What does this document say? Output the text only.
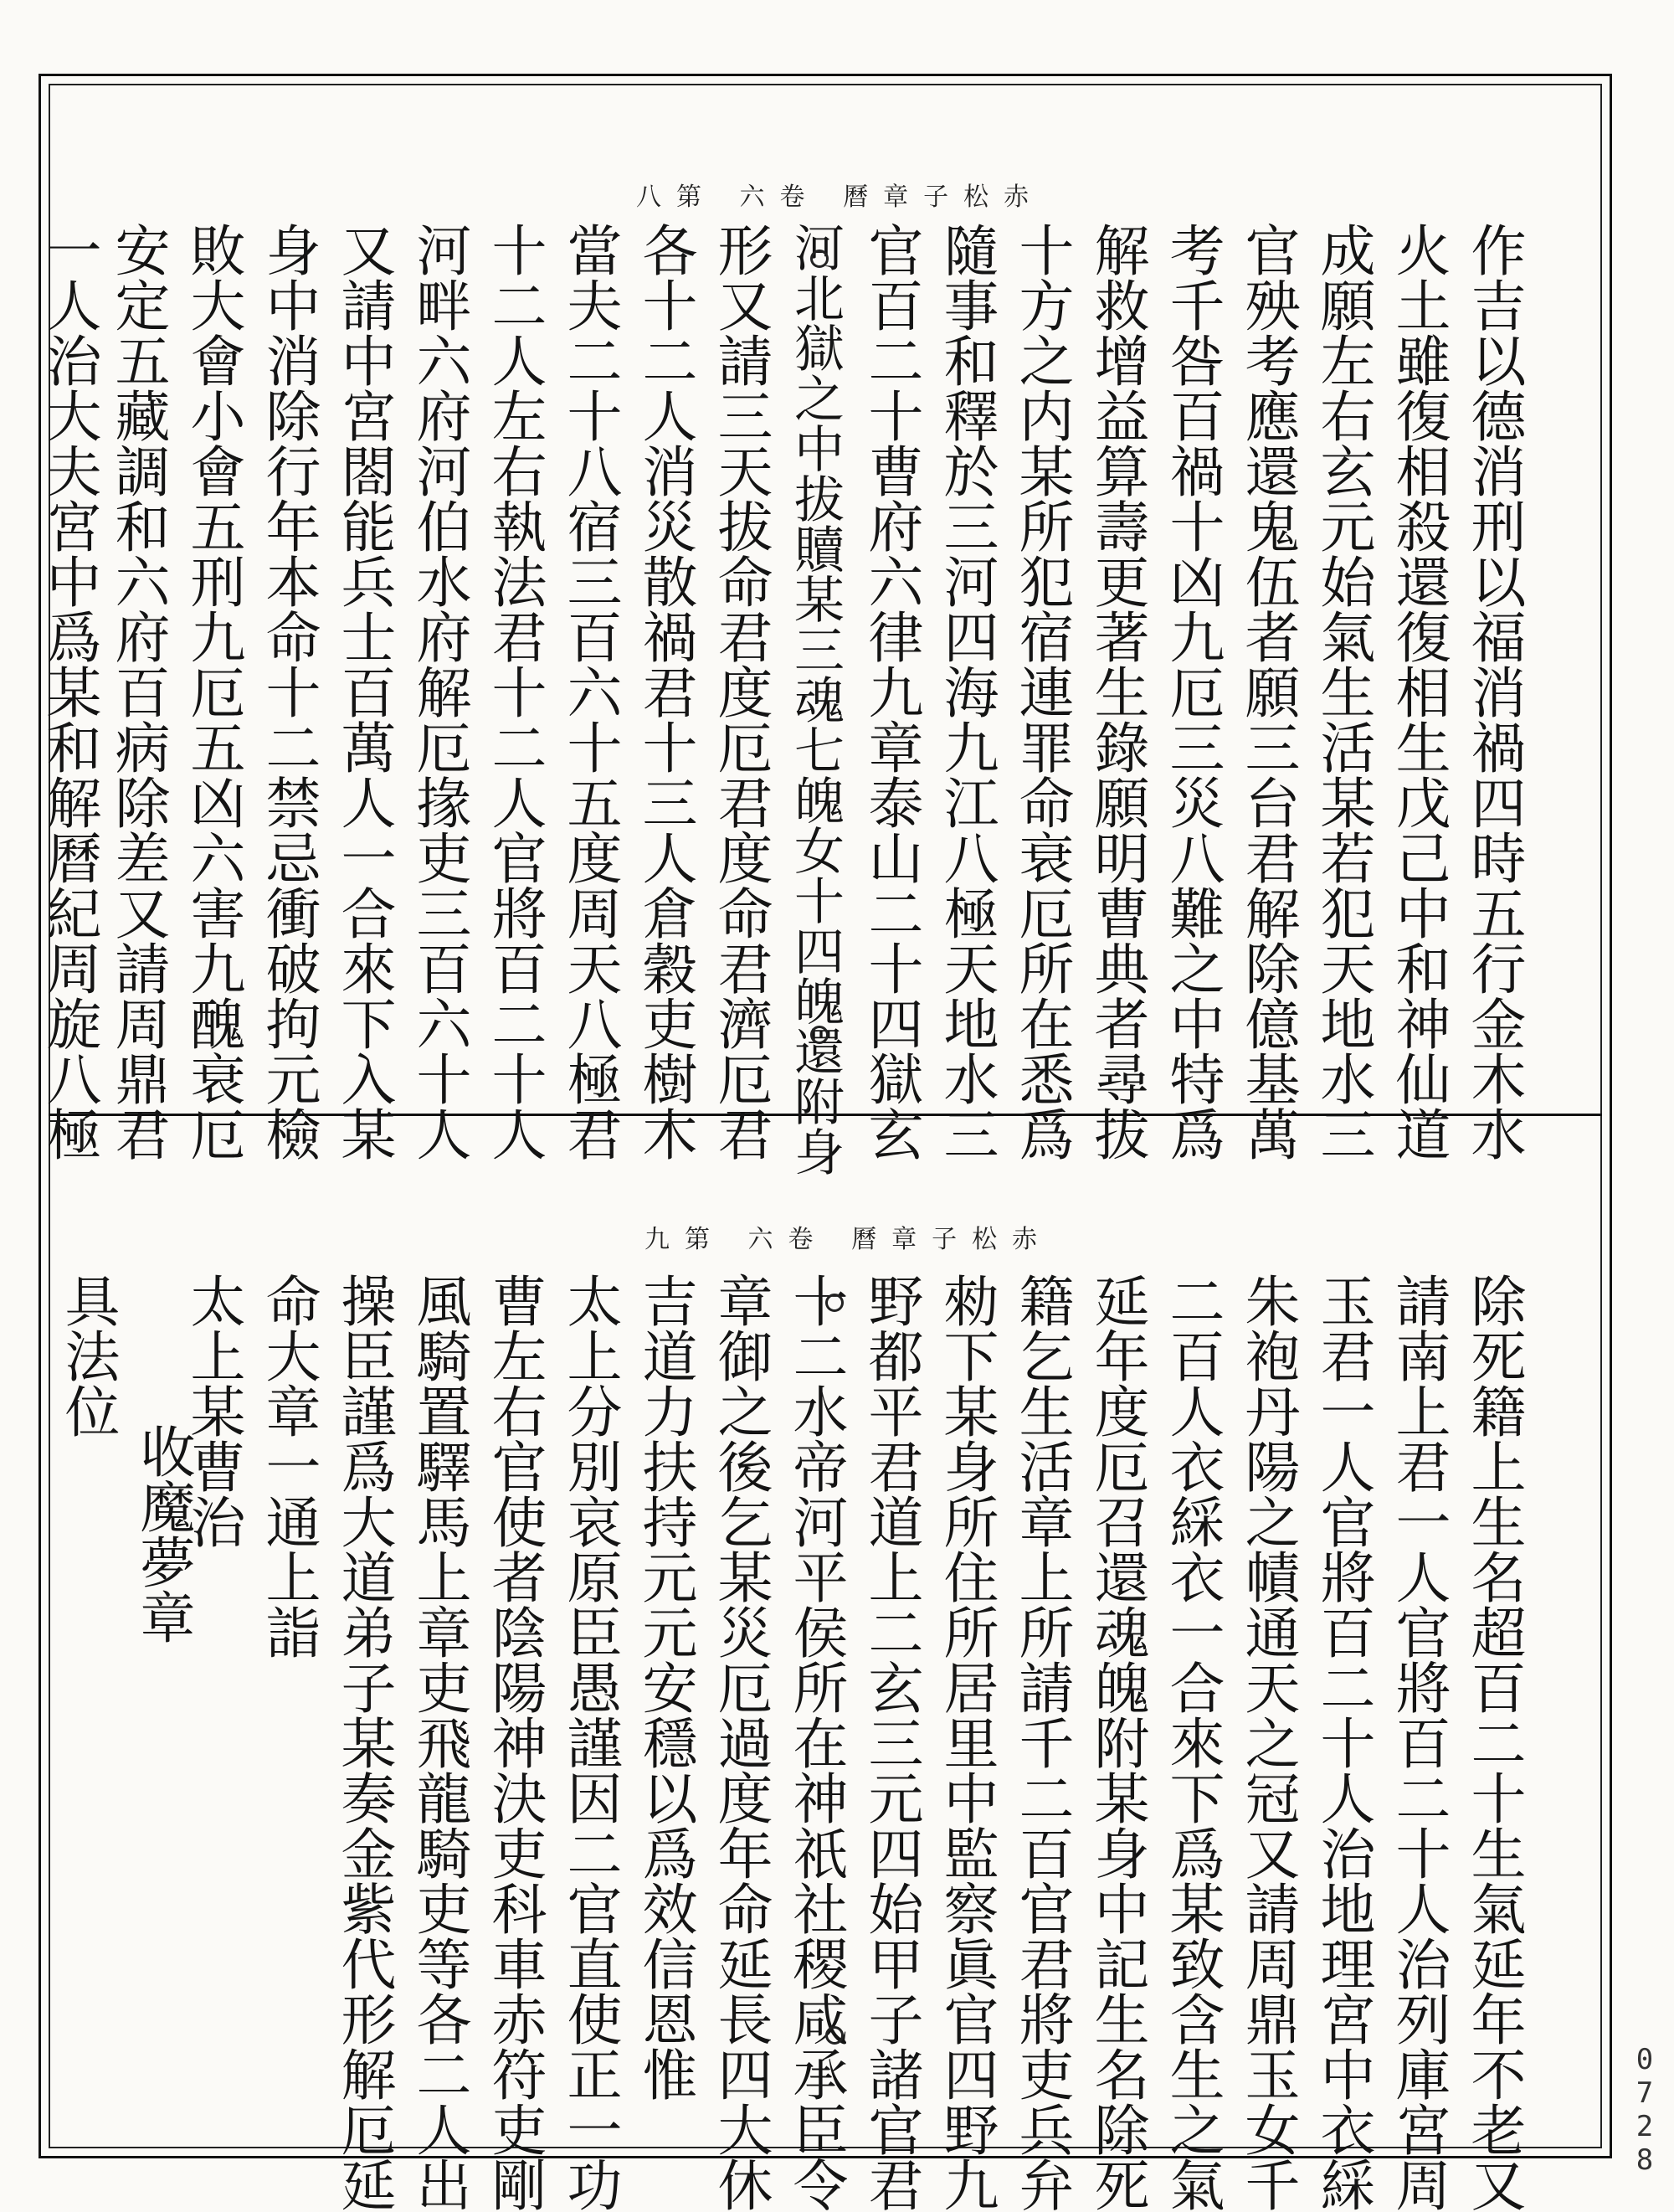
赤松子章曆 卷六 第八
作吉以德消刑以福消禍四時五行金木水
火土雖復相殺還復相生戊己中和神仙道
成願左右玄元始氣生活某若犯天地水三
官殃考應還鬼伍者願三台君解除億基萬
考千咎百禍十凶九厄三災八難之中特爲
解救增益算壽更著生錄願明曹典者尋拔
十方之内某所犯宿連罪命衰厄所在悉爲
隨事和釋於三河四海九江八極天地水三
官百二十曹府六律九章泰山二十四獄玄
河北獄之中拔贖某三魂七魄女十四魄還附身
形又請三天拔命君度厄君度命君濟厄君
各十二人消災散禍君十三人倉穀吏樹木
當夫二十八宿三百六十五度周天八極君
十二人左右執法君十二人官將百二十人
河畔六府河伯水府解厄掾吏三百六十人
又請中宮閤能兵士百萬人一合來下入某
身中消除行年本命十二禁忌衝破拘元檢
敗大會小會五刑九厄五凶六害九醜衰厄
安定五藏調和六府百病除差又請周鼎君
一人治大夫宮中爲某和解曆紀周旋八極
赤松子章曆 卷六 第九
除死籍上生名超百二十生氣延年不老又
請南上君一人官將百二十人治列庫宮周
玉君一人官將百二十人治地理宮中衣綵
朱袍丹陽之幘通天之冠又請周鼎玉女千
二百人衣綵衣一合來下爲某致含生之氣
延年度厄召還魂魄附某身中記生名除死
籍乞生活章上所請千二百官君將吏兵弁
勑下某身所住所居里中監察眞官四野九
野都平君道上二玄三元四始甲子諸官君
十二水帝河平侯所在神祇社稷咸承臣令
章御之後乞某災厄過度年命延長四大休
吉道力扶持元元安穩以爲效信恩惟
太上分別哀原臣愚謹因二官直使正一功
曹左右官使者陰陽神決吏科車赤符吏剛
風騎置驛馬上章吏飛龍騎吏等各二人出
操臣謹爲大道弟子某奏金紫代形解厄延
命大章一通上詣
太上某曹治
收魔夢章
具法位
0728
